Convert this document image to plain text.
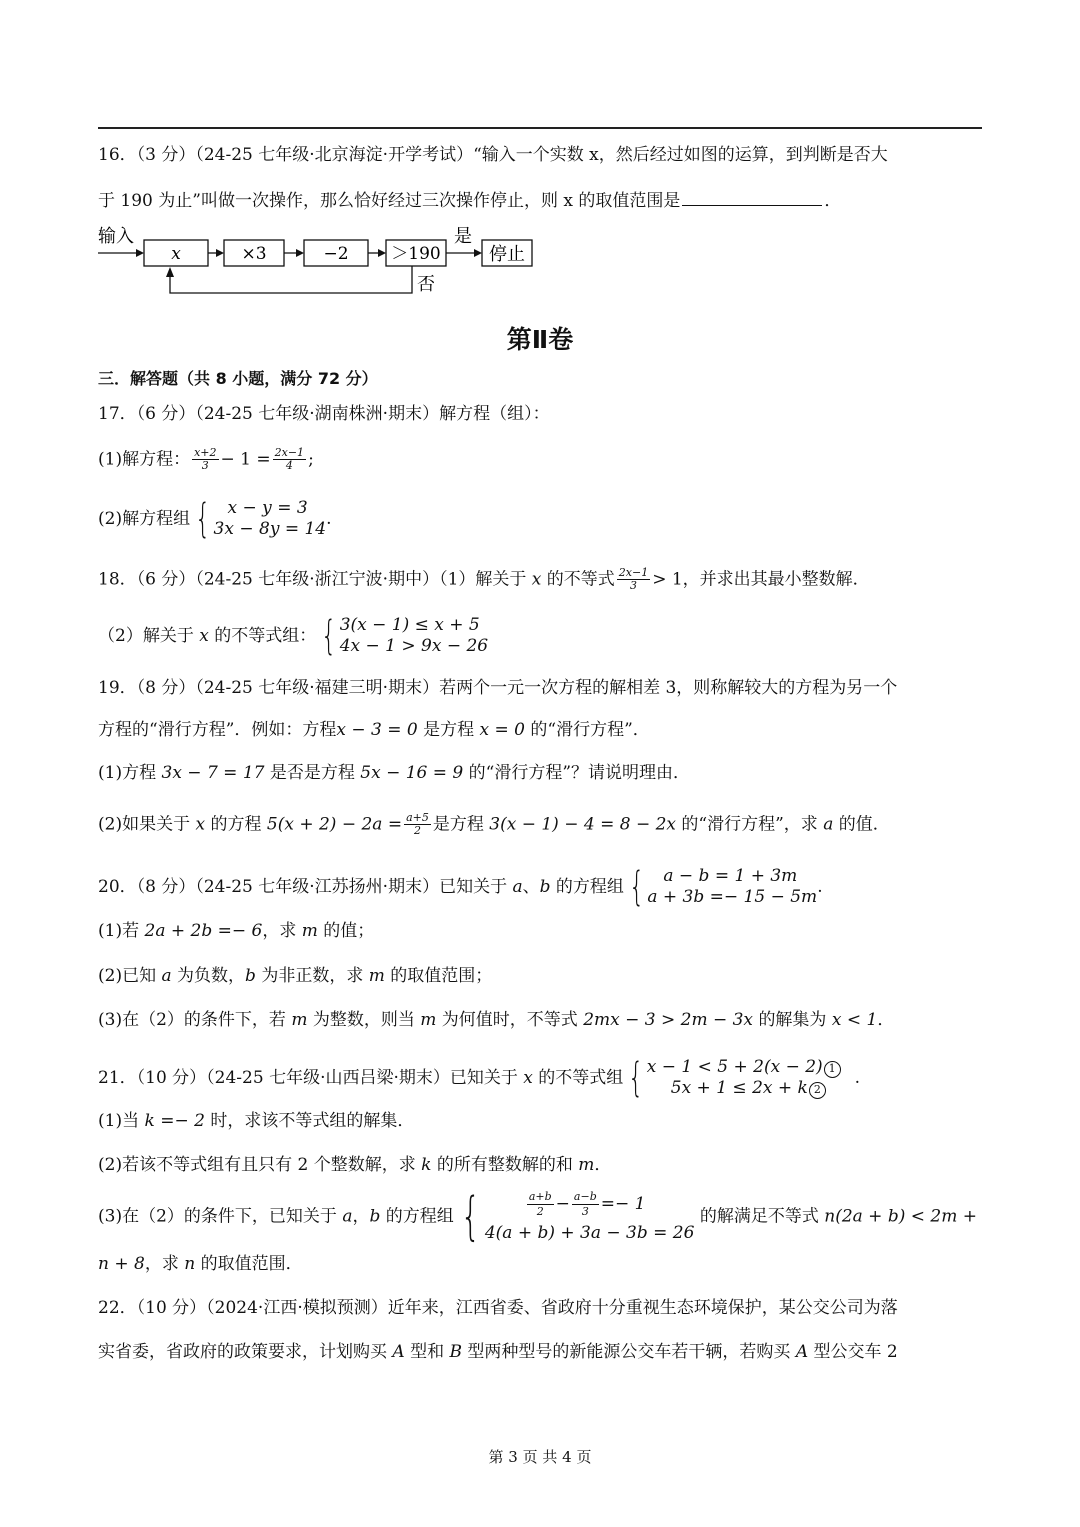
16．（3 分）（24-25 七年级·北京海淀·开学考试）“输入一个实数 x，然后经过如图的运算，到判断是否大
于 190 为止”叫做一次操作，那么恰好经过三次操作停止，则 x 的取值范围是	．
输入
x	×3	−2	＞190
是
停止
否
第Ⅱ卷
三．解答题（共 8 小题，满分 72 分）
17．（6 分）（24-25 七年级·湖南株洲·期末）解方程（组）：
(1)解方程： $\frac{x+2}{3} - 1 = \frac{2x-1}{4}$ ;
(2)解方程组 {	x − y = 3
3x − 8y = 14
.
18．（6 分）（24-25 七年级·浙江宁波·期中）（1）解关于 x 的不等式 $\frac{2x-1}{3} > 1$，并求出其最小整数解．
（2）解关于 x 的不等式组： { 3(x − 1) ≤ x + 5
4x − 1 > 9x − 26
19．（8 分）（24-25 七年级·福建三明·期末）若两个一元一次方程的解相差 3，则称解较大的方程为另一个
方程的“滑行方程”．例如：方程x − 3 = 0 是方程 x = 0 的“滑行方程”．
(1)方程 3x − 7 = 17 是否是方程 5x − 16 = 9 的“滑行方程”？请说明理由．
(2)如果关于 x 的方程 $5(x + 2) - 2a = \frac{a+5}{2}$ 是方程 3(x − 1) − 4 = 8 − 2x 的“滑行方程”，求 a 的值．
20．（8 分）（24-25 七年级·江苏扬州·期末）已知关于 a、b 的方程组 {	a − b = 1 + 3m
a + 3b =− 15 − 5m
.
(1)若 2a + 2b =− 6，求 m 的值；
(2)已知 a 为负数，b 为非正数，求 m 的取值范围；
(3)在（2）的条件下，若 m 为整数，则当 m 为何值时，不等式 2mx − 3 > 2m − 3x 的解集为 x < 1．
21．（10 分）（24-25 七年级·山西吕梁·期末）已知关于 x 的不等式组 { x − 1 < 5 + 2(x − 2) 1
5x + 1 ≤ 2x + k 2
.
(1)当 k =− 2 时，求该不等式组的解集．
(2)若该不等式组有且只有 2 个整数解，求 k 的所有整数解的和 m．
(3)在（2）的条件下，已知关于 a，b 的方程组 {	$\frac{a+b}{2} - \frac{a-b}{3} =- 1$
4(a + b) + 3a − 3b = 26
的解满足不等式 n(2a + b) < 2m +
n + 8，求 n 的取值范围．
22．（10 分）（2024·江西·模拟预测）近年来，江西省委、省政府十分重视生态环境保护，某公交公司为落
实省委，省政府的政策要求，计划购买 A 型和 B 型两种型号的新能源公交车若干辆，若购买 A 型公交车 2
第 3 页 共 4 页
